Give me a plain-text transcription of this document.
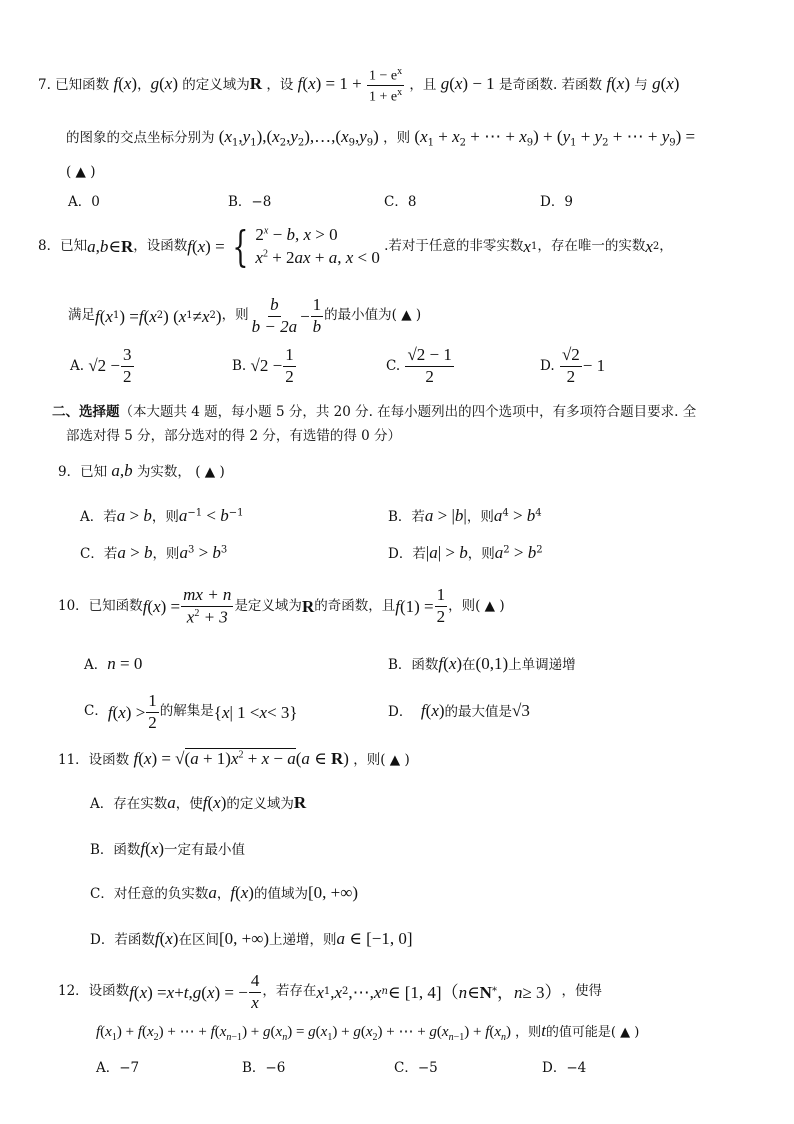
7. 已知函数 f(x)，g(x) 的定义域为R ，设 $f(x) = 1 + \frac{1 - e^x}{1 + e^x}$ ，且 g(x) − 1 是奇函数. 若函数 f(x) 与 g(x)
的图象的交点坐标分别为 $(x_1,y_1),(x_2,y_2),\dots,(x_9,y_9)$ ，则 ($x_1 + x_2$ + ⋯ + $x_9) + (y_1 + y_2$ + ⋯ + $y_9$) =
( ▲ )
A．0	B．−8	C．8	D．9
8．已知 a , b ∈ R ，设函数 f ( x ) = { $2^x - b$, x > 0
$x^2 + 2ax + a$, x < 0
. 若对于任意的非零实数 x 1 ，存在唯一的实数 x 2 ，
满足 f ( x 1 ) = f ( x 2 ) ( x 1 ≠ x 2 ) ，则 $\frac{b}{b - 2a} - \frac{1}{b}$ 的最小值为( ▲ )
A.
$√2 - \frac{3}{2}$	B.
$√2 - \frac{1}{2}$	C.
$\frac{√2 - 1}{2}$	D.
$\frac{√2}{2} - 1$
二、选择题（本大题共 4 题，每小题 5 分，共 20 分. 在每小题列出的四个选项中，有多项符合题目要求. 全
部选对得 5 分，部分选对的得 2 分，有选错的得 0 分）
9．已知 a,b 为实数， ( ▲ )
A．若a > b，则$a^{-1} < b^{-1}$	B．若a > |b|，则$a^4 > b^4$
C．若a > b，则$a^3 > b^3$	D．若|a| > b，则$a^2 > b^2$
10．已知函数 f ( x ) = $\frac{mx + n}{x^2 + 3}$ 是定义域为 R 的奇函数，且 f $(1) = \frac{1}{2}$ ，则( ▲ )
A．n = 0	B．函数f(x)在(0,1)上单调递增
C． f ( x ) > $\frac{1}{2}$ 的解集是 { x | 1 < x < 3}	D． f(x)的最大值是√3
11．设函数 $f(x) = √(a + 1)x^2 + x - a(a$ ∈ R) ，则( ▲ )
A．存在实数a，使f(x)的定义域为R
B．函数f(x)一定有最小值
C．对任意的负实数a，f(x)的值域为[0, +∞)
D．若函数f(x)在区间[0, +∞)上递增，则a ∈ [−1, 0]
12．设函数 f ( x ) = x + t , g ( x ) = − $\frac{4}{x}$ ， 若存在 x 1 , x 2 ,⋯, x n ∈ [1, 4] （ n ∈ N * ， n ≥ 3） ，使得
$f(x_1) + f(x_2)$ + ⋯ + $f(x_{n-1}) + g(x_n) = g(x_1) + g(x_2)$ + ⋯ + $g(x_{n-1}) + f(x_n)$ ，则t的值可能是( ▲ )
A．−7	B．−6	C．−5	D．−4
